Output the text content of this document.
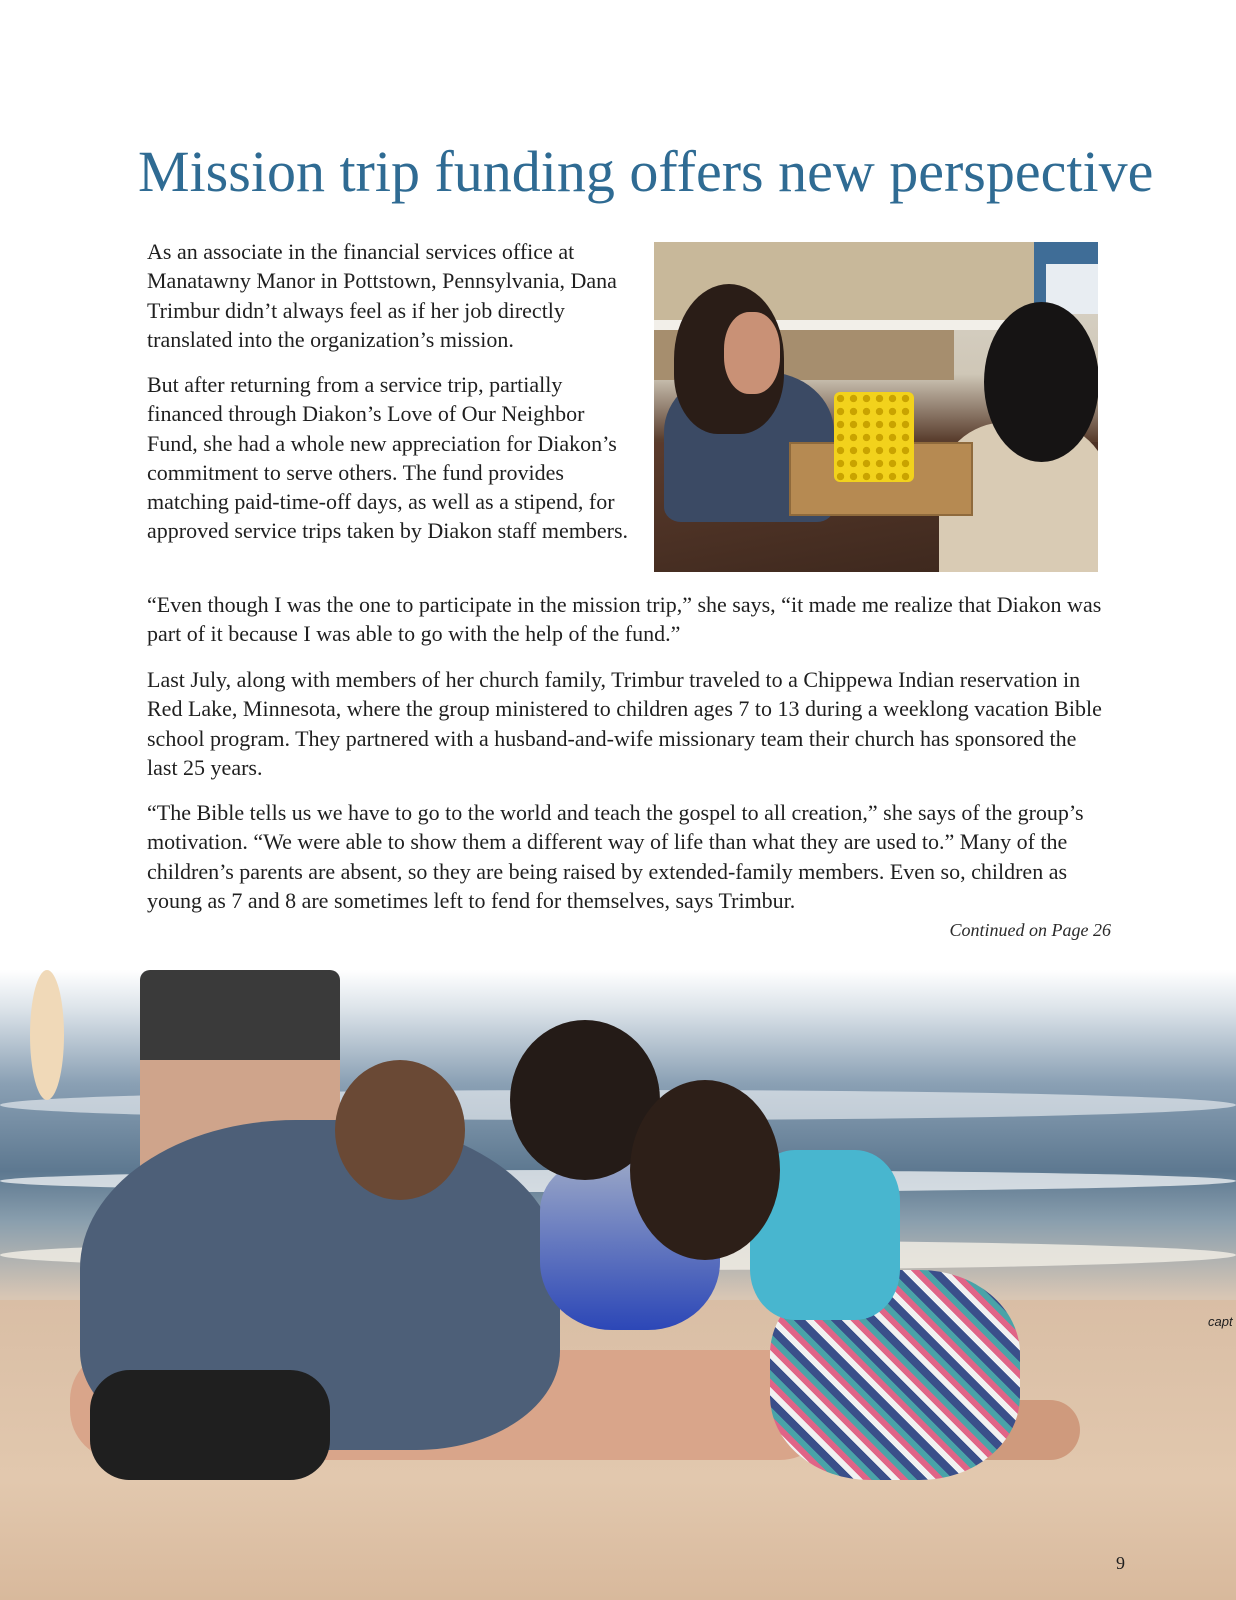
Mission trip funding offers new perspective

As an associate in the financial services office at Manatawny Manor in Pottstown, Pennsylvania, Dana Trimbur didn’t always feel as if her job directly translated into the organization’s mission.

But after returning from a service trip, partially financed through Diakon’s Love of Our Neighbor Fund, she had a whole new appreciation for Diakon’s commitment to serve others. The fund provides matching paid-time-off days, as well as a stipend, for approved service trips taken by Diakon staff members.

“Even though I was the one to participate in the mission trip,” she says, “it made me realize that Diakon was part of it because I was able to go with the help of the fund.”

Last July, along with members of her church family, Trimbur traveled to a Chippewa Indian reservation in Red Lake, Minnesota, where the group ministered to children ages 7 to 13 during a weeklong vacation Bible school program. They partnered with a husband-and-wife missionary team their church has sponsored the last 25 years.

“The Bible tells us we have to go to the world and teach the gospel to all creation,” she says of the group’s motivation. “We were able to show them a different way of life than what they are used to.” Many of the children’s parents are absent, so they are being raised by extended-family members. Even so, children as young as 7 and 8 are sometimes left to fend for themselves, says Trimbur.

Continued on Page 26

capt

9
